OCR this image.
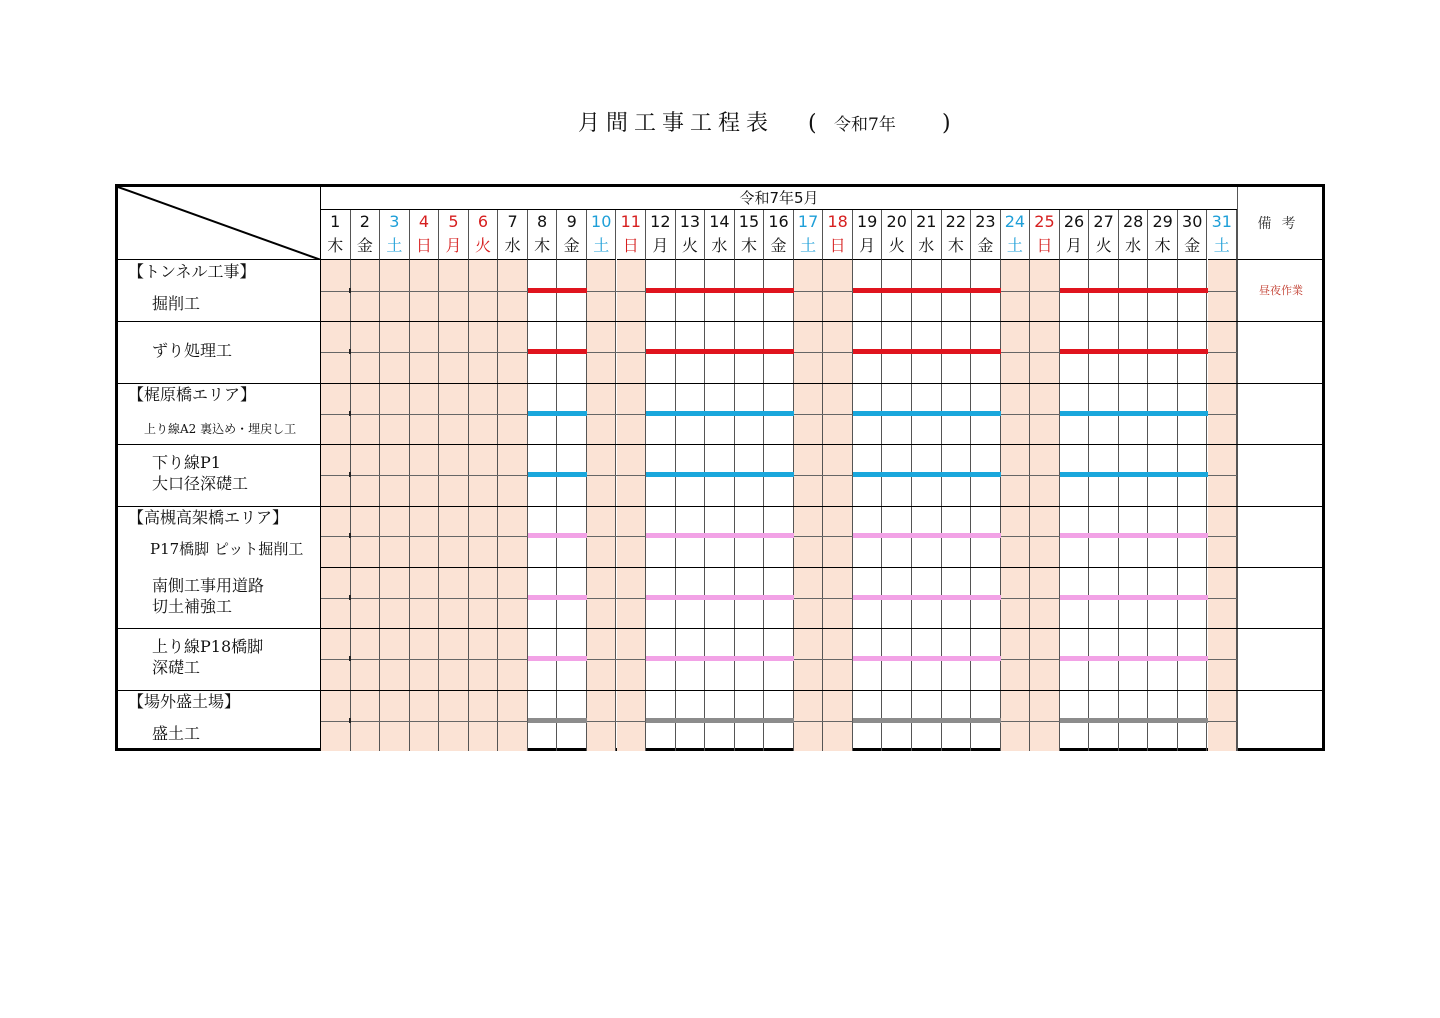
月間工事工程表 ( 令和7年 )
令和7年5月
備考
1
木
2
金
3
土
4
日
5
月
6
火
7
水
8
木
9
金
10
土
11
日
12
月
13
火
14
水
15
木
16
金
17
土
18
日
19
月
20
火
21
水
22
木
23
金
24
土
25
日
26
月
27
火
28
水
29
木
30
金
31
土
【トンネル工事】
掘削工
昼夜作業
ずり処理工
【梶原橋エリア】
上り線A2 裏込め・埋戻し工
下り線P1
大口径深礎工
【高槻高架橋エリア】
P17橋脚 ピット掘削工
南側工事用道路
切土補強工
上り線P18橋脚
深礎工
【場外盛土場】
盛土工
